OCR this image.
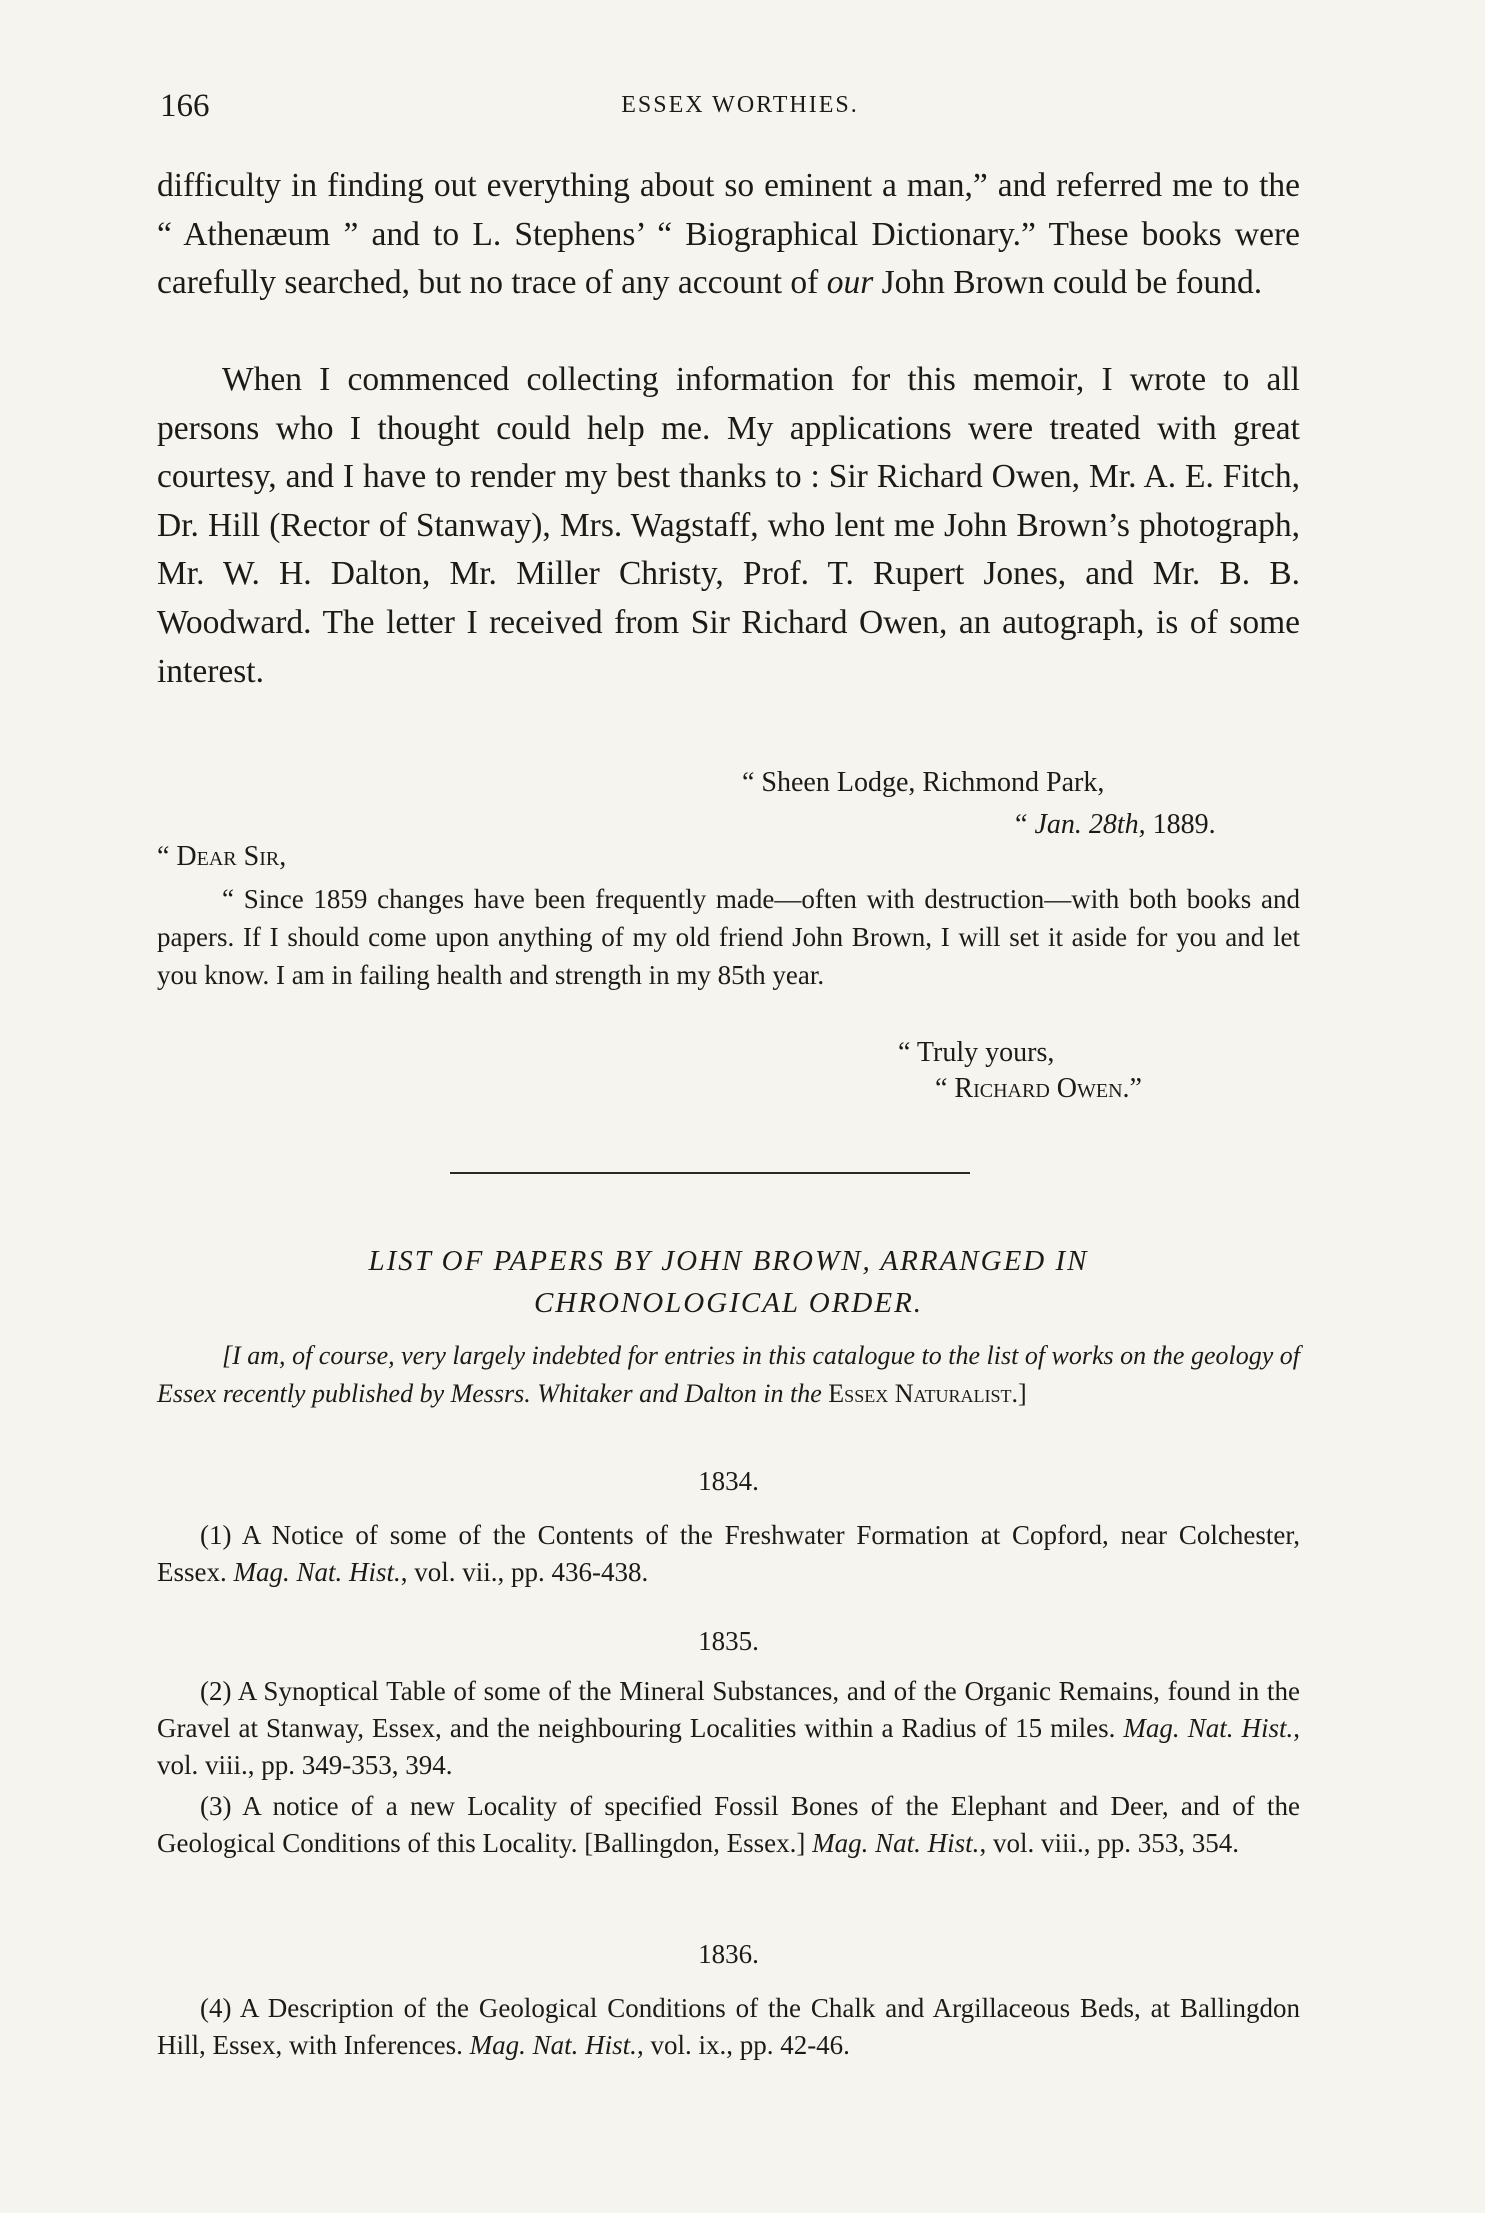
166	ESSEX WORTHIES.

difficulty in finding out everything about so eminent a man,” and referred me to the “ Athenæum ” and to L. Stephens’ “ Biographical Dictionary.” These books were carefully searched, but no trace of any account of our John Brown could be found.

When I commenced collecting information for this memoir, I wrote to all persons who I thought could help me. My applications were treated with great courtesy, and I have to render my best thanks to : Sir Richard Owen, Mr. A. E. Fitch, Dr. Hill (Rector of Stanway), Mrs. Wagstaff, who lent me John Brown’s photograph, Mr. W. H. Dalton, Mr. Miller Christy, Prof. T. Rupert Jones, and Mr. B. B. Woodward. The letter I received from Sir Richard Owen, an autograph, is of some interest.

“ Sheen Lodge, Richmond Park,
“ Jan. 28th, 1889.
“ Dear Sir,

“ Since 1859 changes have been frequently made—often with destruction—with both books and papers. If I should come upon anything of my old friend John Brown, I will set it aside for you and let you know. I am in failing health and strength in my 85th year.

“ Truly yours,
“ Richard Owen.”
LIST OF PAPERS BY JOHN BROWN, ARRANGED IN
CHRONOLOGICAL ORDER.

[I am, of course, very largely indebted for entries in this catalogue to the list of works on the geology of Essex recently published by Messrs. Whitaker and Dalton in the Essex Naturalist.]

1834.

(1) A Notice of some of the Contents of the Freshwater Formation at Copford, near Colchester, Essex. Mag. Nat. Hist., vol. vii., pp. 436-438.

1835.

(2) A Synoptical Table of some of the Mineral Substances, and of the Organic Remains, found in the Gravel at Stanway, Essex, and the neighbouring Localities within a Radius of 15 miles. Mag. Nat. Hist., vol. viii., pp. 349-353, 394.

(3) A notice of a new Locality of specified Fossil Bones of the Elephant and Deer, and of the Geological Conditions of this Locality. [Ballingdon, Essex.] Mag. Nat. Hist., vol. viii., pp. 353, 354.

1836.

(4) A Description of the Geological Conditions of the Chalk and Argillaceous Beds, at Ballingdon Hill, Essex, with Inferences. Mag. Nat. Hist., vol. ix., pp. 42-46.
